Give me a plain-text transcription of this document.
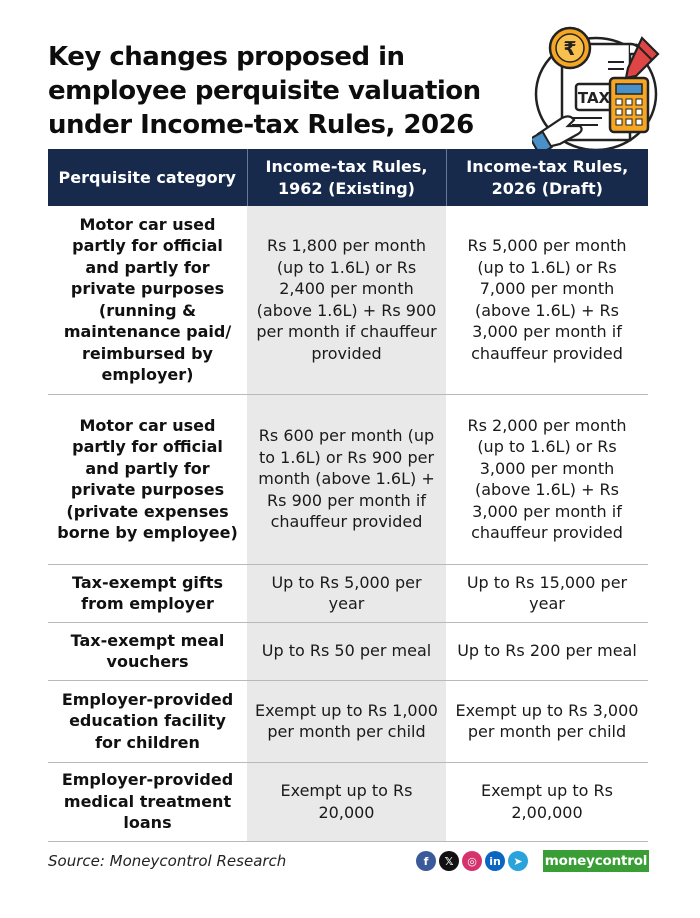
Key changes proposed in
employee perquisite valuation
under Income-tax Rules, 2026
TAX
₹
Perquisite category	Income-tax Rules, 1962 (Existing)	Income-tax Rules, 2026 (Draft)
Motor car used partly for official and partly for private purposes (running & maintenance paid/ reimbursed by employer)	Rs 1,800 per month (up to 1.6L) or Rs 2,400 per month (above 1.6L) + Rs 900 per month if chauffeur provided	Rs 5,000 per month (up to 1.6L) or Rs 7,000 per month (above 1.6L) + Rs 3,000 per month if chauffeur provided
Motor car used partly for official and partly for private purposes (private expenses borne by employee)	Rs 600 per month (up to 1.6L) or Rs 900 per month (above 1.6L) + Rs 900 per month if chauffeur provided	Rs 2,000 per month (up to 1.6L) or Rs 3,000 per month (above 1.6L) + Rs 3,000 per month if chauffeur provided
Tax-exempt gifts from employer	Up to Rs 5,000 per year	Up to Rs 15,000 per year
Tax-exempt meal vouchers	Up to Rs 50 per meal	Up to Rs 200 per meal
Employer-provided education facility for children	Exempt up to Rs 1,000 per month per child	Exempt up to Rs 3,000 per month per child
Employer-provided medical treatment loans	Exempt up to Rs 20,000	Exempt up to Rs 2,00,000
Source: Moneycontrol Research	f	𝕏	◎	in	➤	moneycontrol
